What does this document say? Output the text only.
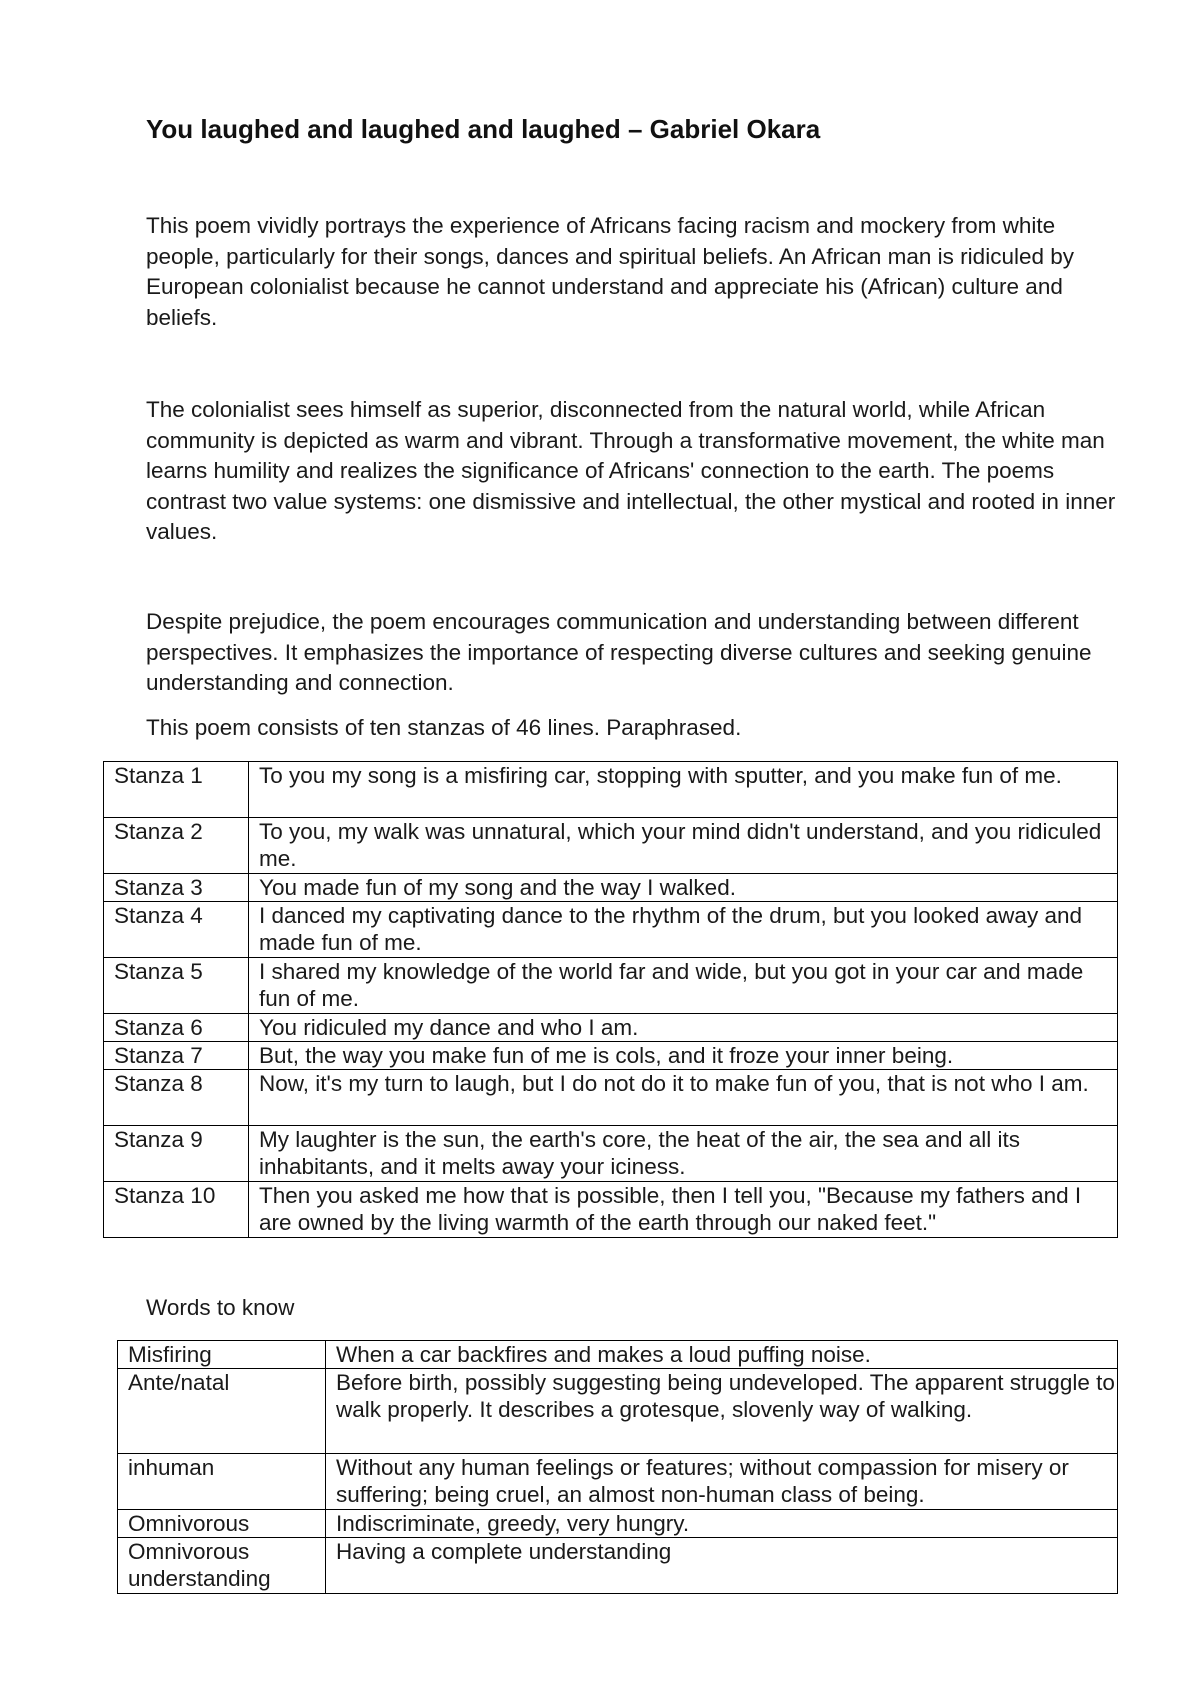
You laughed and laughed and laughed – Gabriel Okara

This poem vividly portrays the experience of Africans facing racism and mockery from white people, particularly for their songs, dances and spiritual beliefs. An African man is ridiculed by European colonialist because he cannot understand and appreciate his (African) culture and beliefs.

The colonialist sees himself as superior, disconnected from the natural world, while African community is depicted as warm and vibrant. Through a transformative movement, the white man learns humility and realizes the significance of Africans' connection to the earth. The poems contrast two value systems: one dismissive and intellectual, the other mystical and rooted in inner values.

Despite prejudice, the poem encourages communication and understanding between different perspectives. It emphasizes the importance of respecting diverse cultures and seeking genuine understanding and connection.

This poem consists of ten stanzas of 46 lines. Paraphrased.

Stanza 1	To you my song is a misfiring car, stopping with sputter, and you make fun of me.
Stanza 2	To you, my walk was unnatural, which your mind didn't understand, and you ridiculed me.
Stanza 3	You made fun of my song and the way I walked.
Stanza 4	I danced my captivating dance to the rhythm of the drum, but you looked away and made fun of me.
Stanza 5	I shared my knowledge of the world far and wide, but you got in your car and made fun of me.
Stanza 6	You ridiculed my dance and who I am.
Stanza 7	But, the way you make fun of me is cols, and it froze your inner being.
Stanza 8	Now, it's my turn to laugh, but I do not do it to make fun of you, that is not who I am.
Stanza 9	My laughter is the sun, the earth's core, the heat of the air, the sea and all its inhabitants, and it melts away your iciness.
Stanza 10	Then you asked me how that is possible, then I tell you, "Because my fathers and I are owned by the living warmth of the earth through our naked feet."

Words to know

Misfiring	When a car backfires and makes a loud puffing noise.
Ante/natal	Before birth, possibly suggesting being undeveloped. The apparent struggle to walk properly. It describes a grotesque, slovenly way of walking.
inhuman	Without any human feelings or features; without compassion for misery or suffering; being cruel, an almost non-human class of being.
Omnivorous	Indiscriminate, greedy, very hungry.
Omnivorous understanding	Having a complete understanding
